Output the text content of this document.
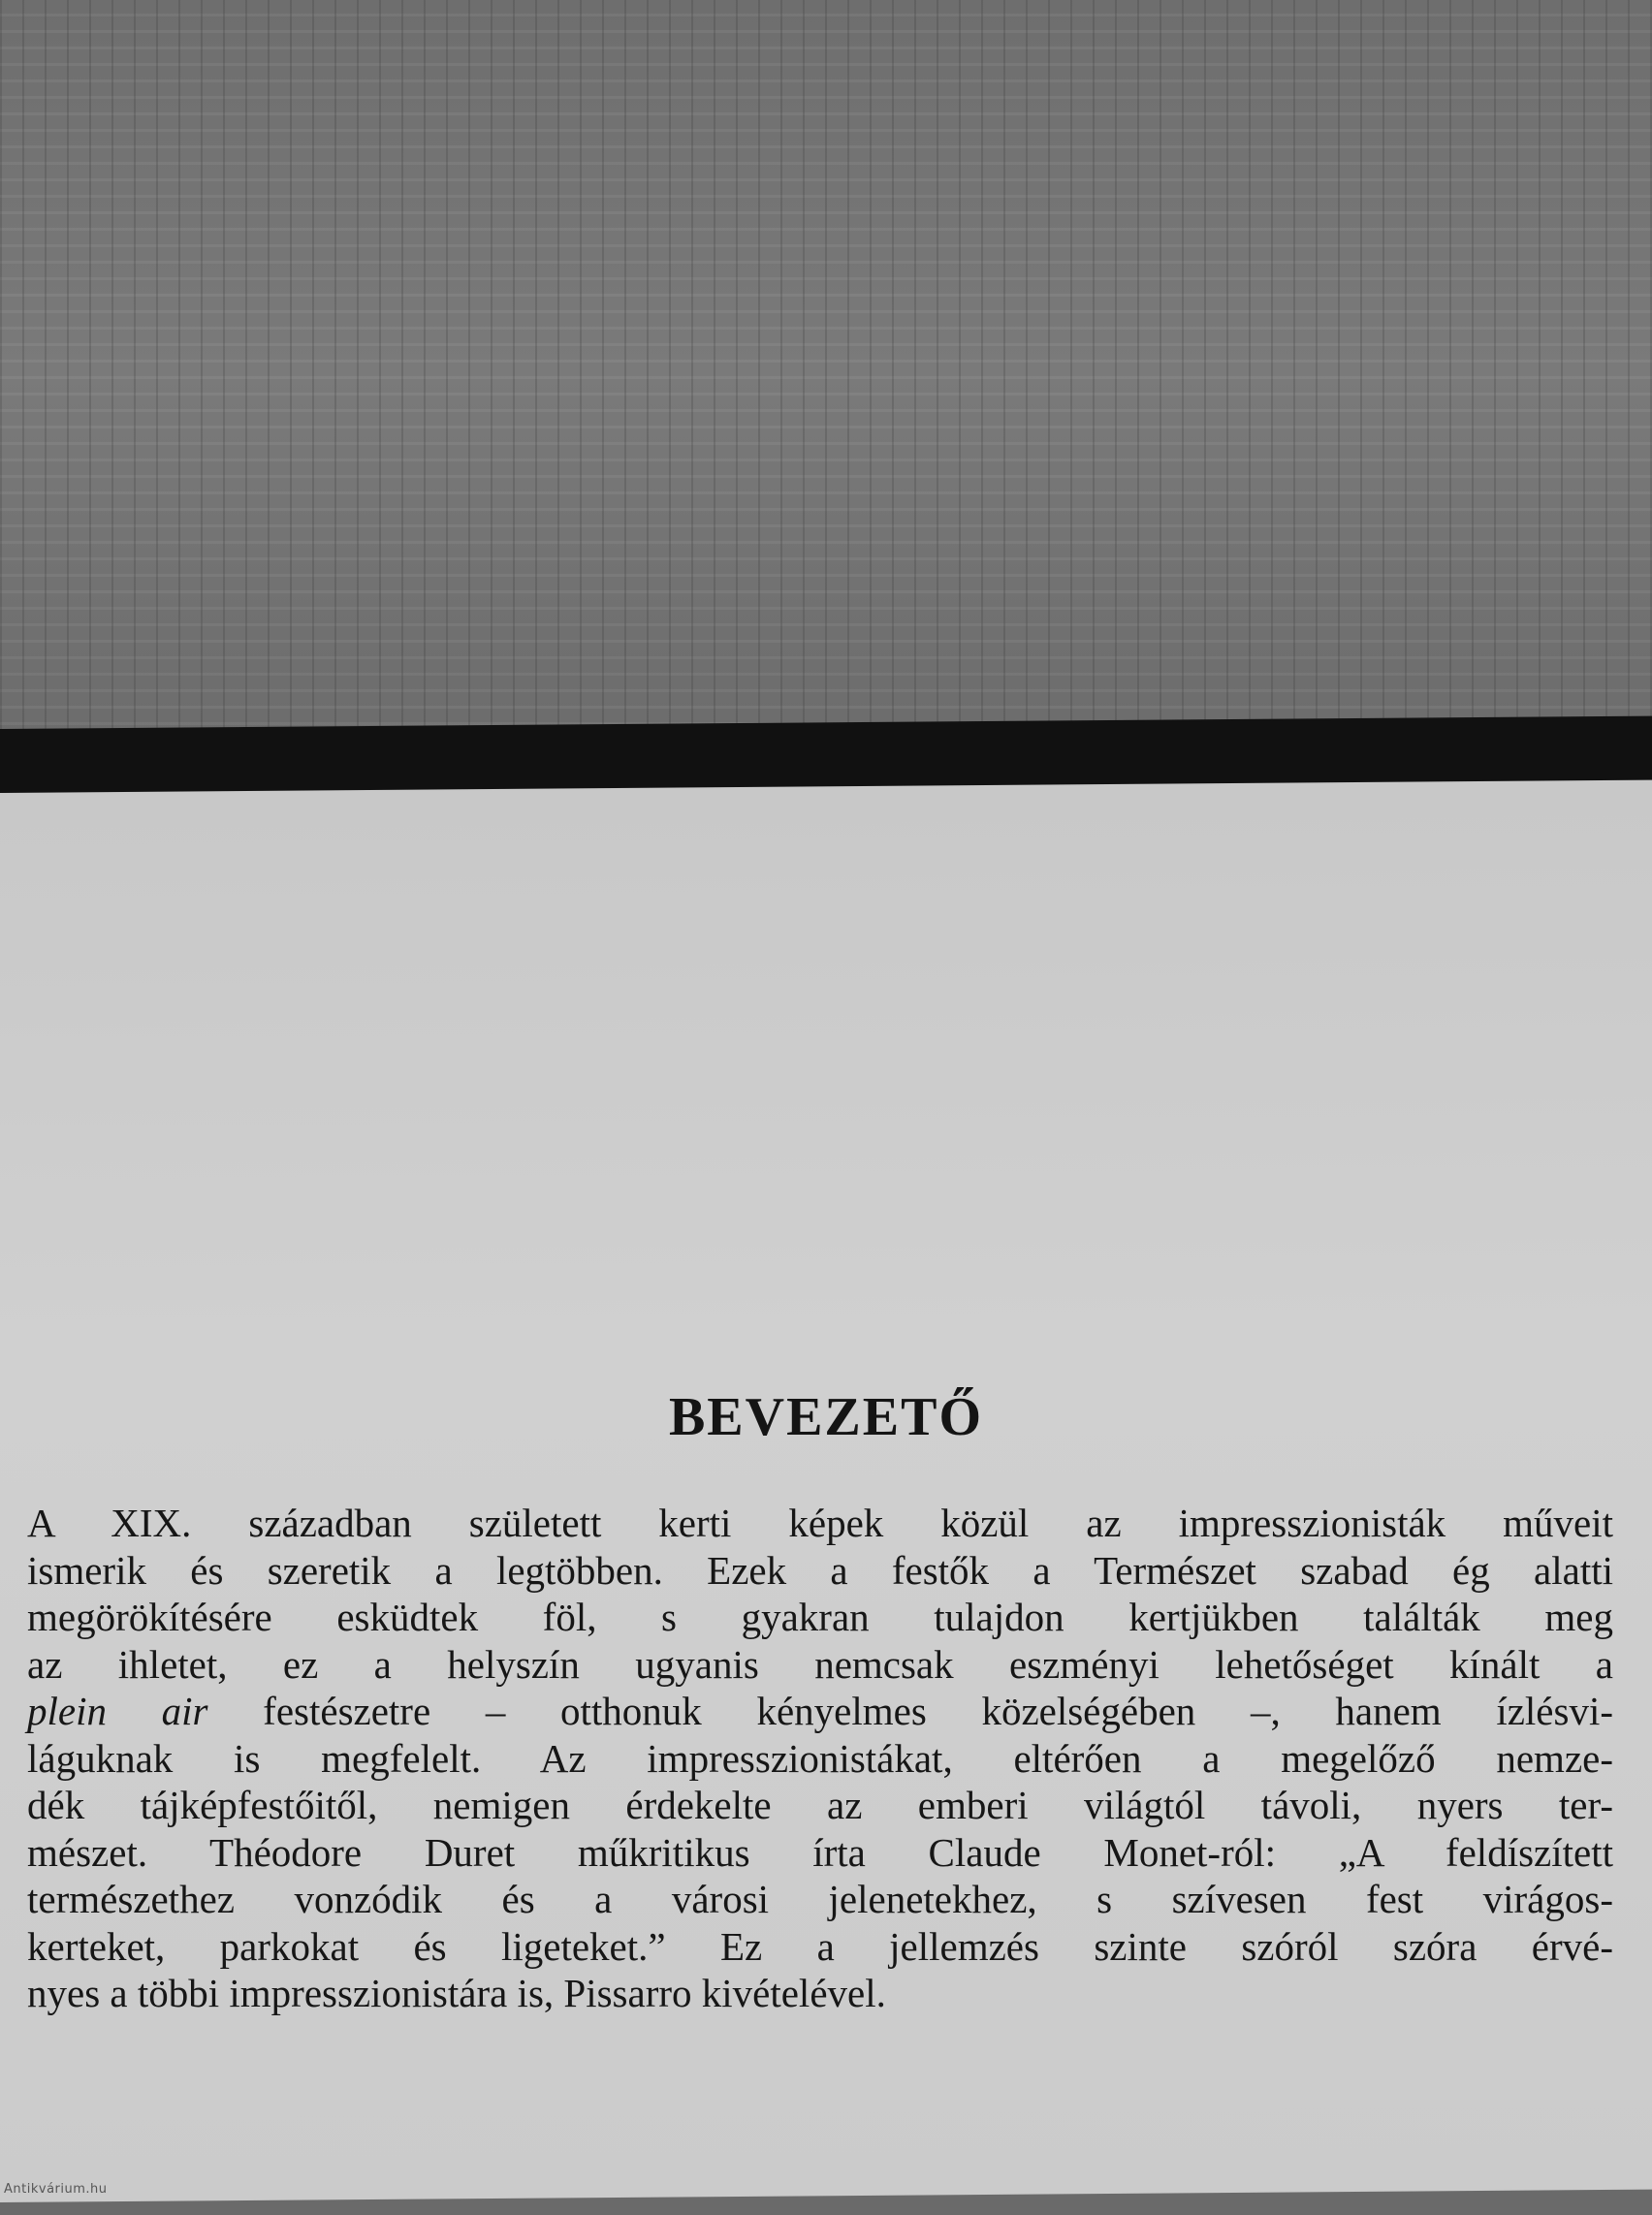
BEVEZETŐ

A XIX. században született kerti képek közül az impresszionisták műveit
ismerik és szeretik a legtöbben. Ezek a festők a Természet szabad ég alatti
megörökítésére esküdtek föl, s gyakran tulajdon kertjükben találták meg
az ihletet, ez a helyszín ugyanis nemcsak eszményi lehetőséget kínált a
plein air festészetre – otthonuk kényelmes közelségében –, hanem ízlésvi-
láguknak is megfelelt. Az impresszionistákat, eltérően a megelőző nemze-
dék tájképfestőitől, nemigen érdekelte az emberi világtól távoli, nyers ter-
mészet. Théodore Duret műkritikus írta Claude Monet-ról: „A feldíszített
természethez vonzódik és a városi jelenetekhez, s szívesen fest virágos-
kerteket, parkokat és ligeteket.” Ez a jellemzés szinte szóról szóra érvé-
nyes a többi impresszionistára is, Pissarro kivételével.

Antikvárium.hu
